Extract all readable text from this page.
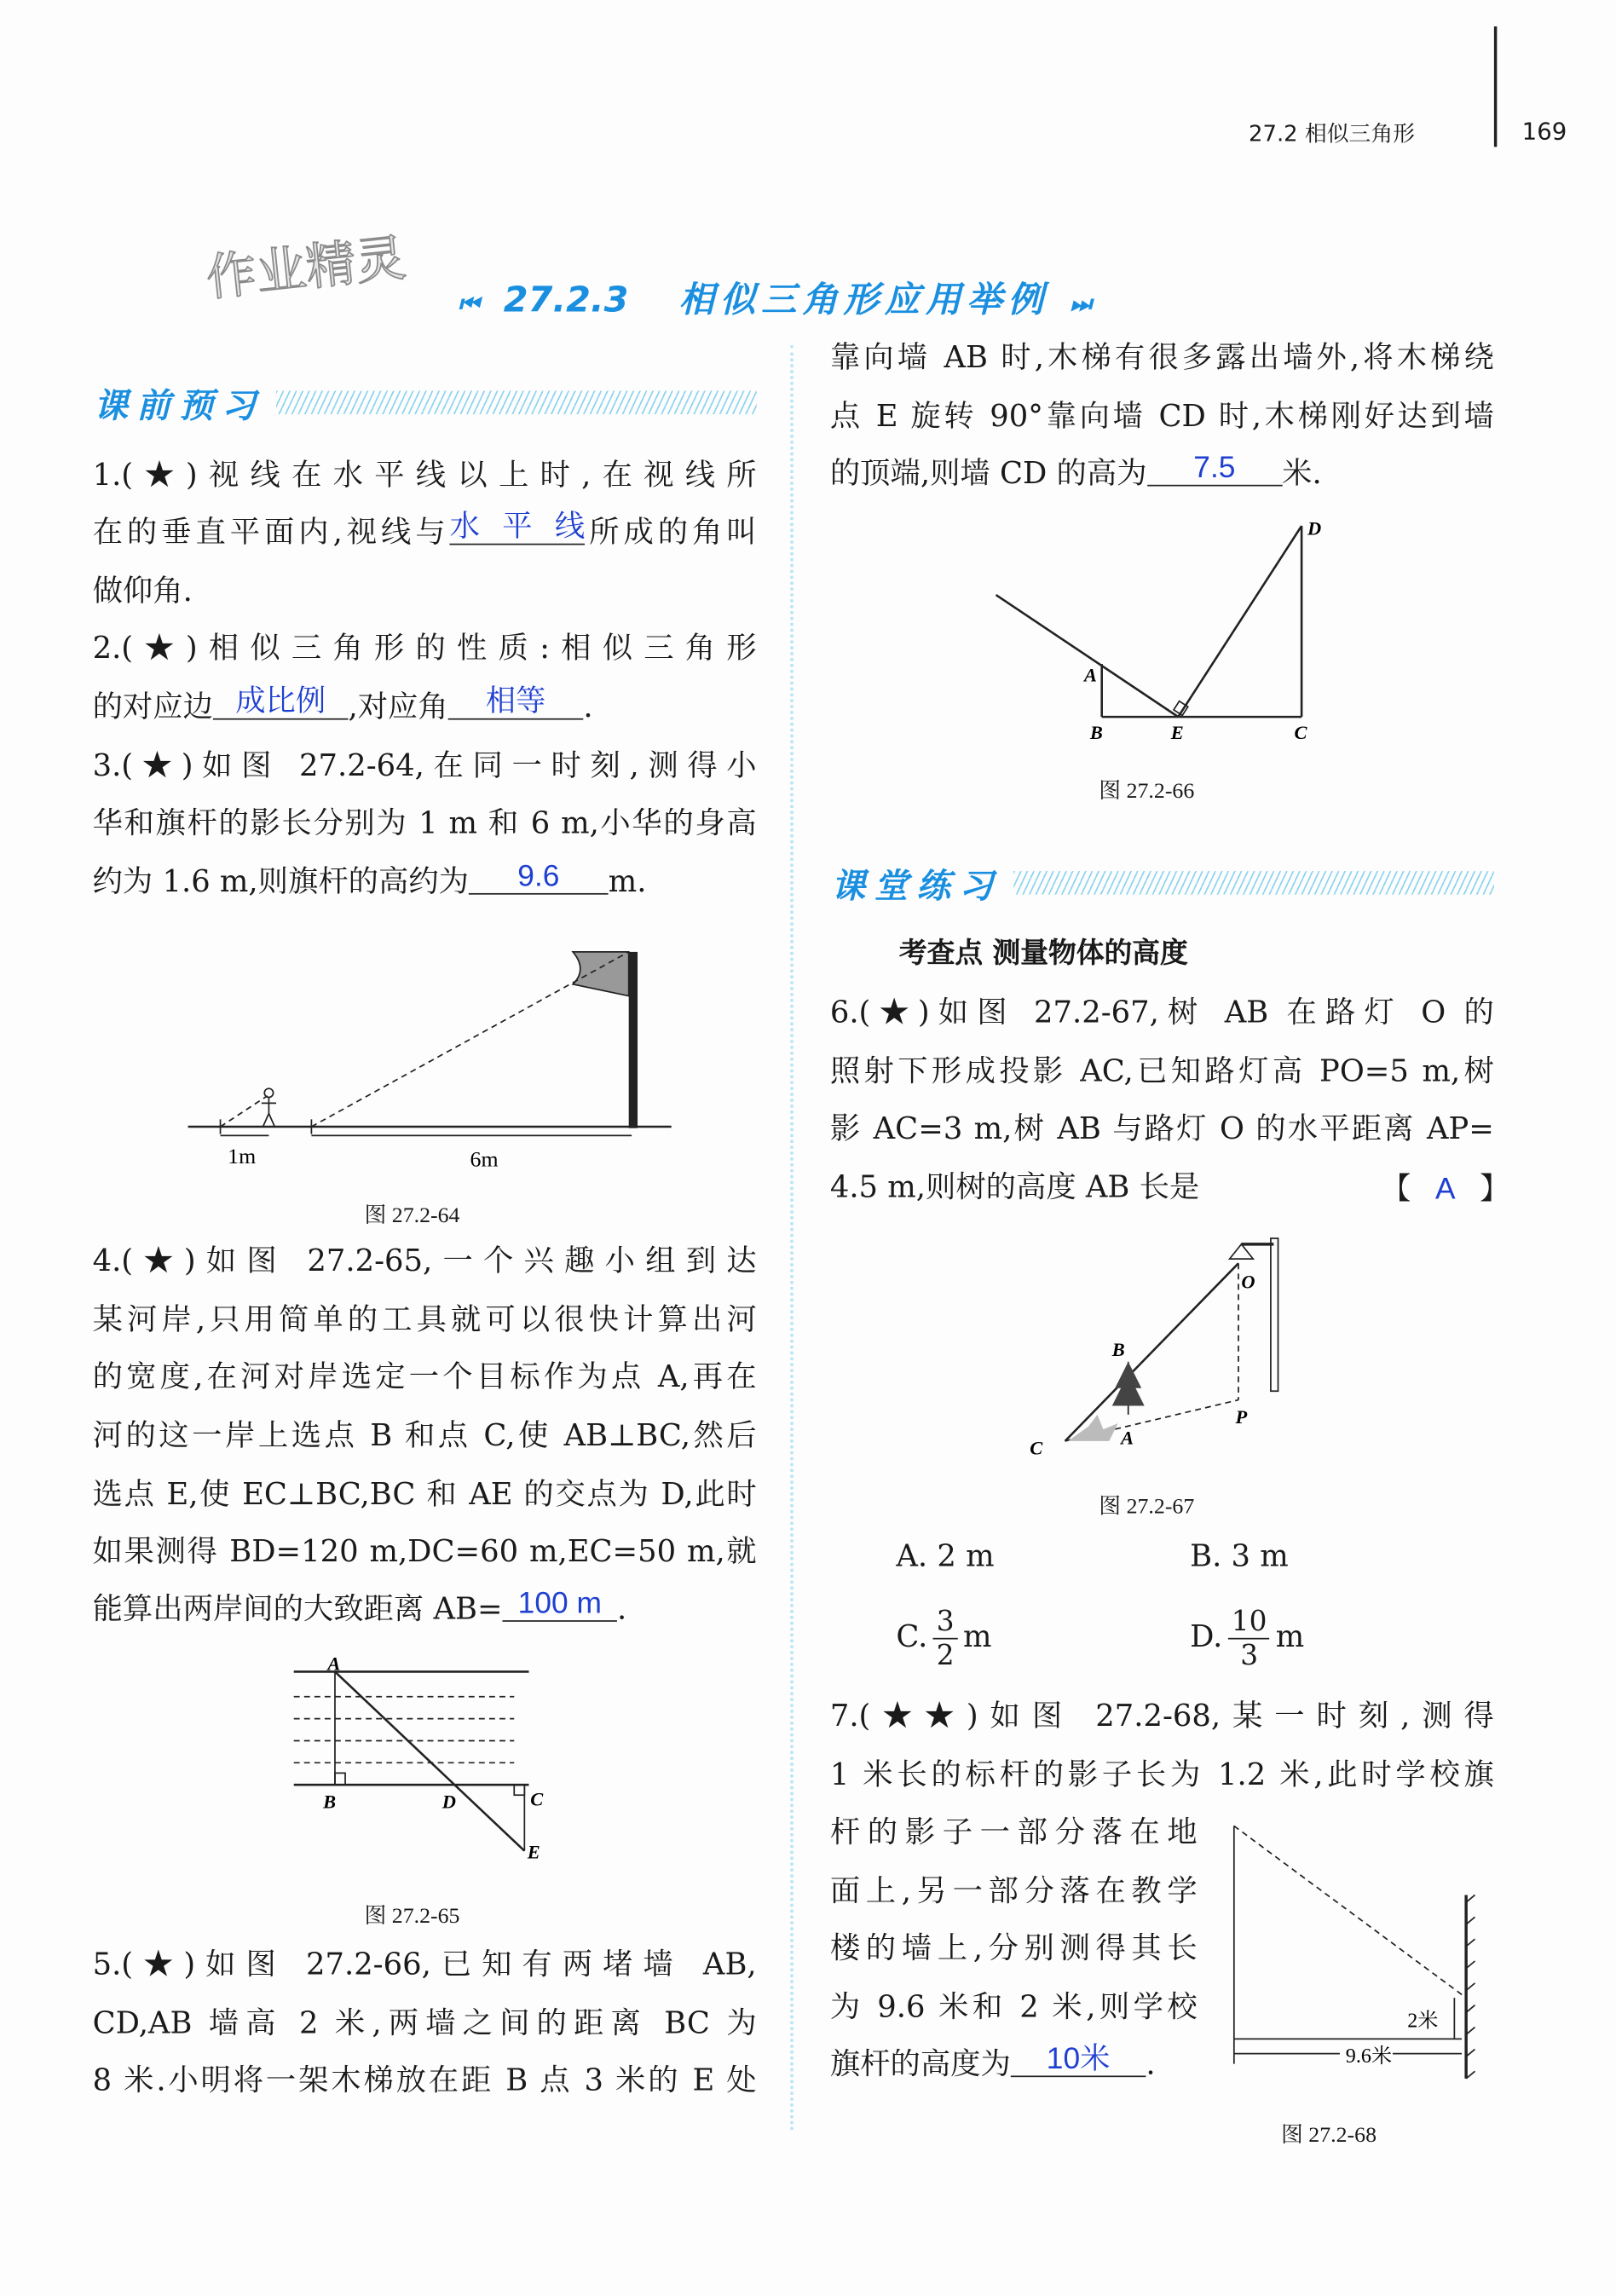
27.2 相似三角形	169
作业精灵	⏮ 27.2.3 相似三角形应用举例 ⏭
课前预习
课堂练习
考查点 测量物体的高度
1.(★)视线在水平线以上时,在视线所
在的垂直平面内,视线与水平线所成的角叫
做仰角.
2.(★)相似三角形的性质:相似三角形
的对应边 成比例 ,对应角 相等 .
3.(★)如图 27.2-64,在同一时刻,测得小
华和旗杆的影长分别为 1 m 和 6 m,小华的身高
约为 1.6 m,则旗杆的高约为	9.6	m.
4.(★)如图 27.2-65,一个兴趣小组到达
某河岸,只用简单的工具就可以很快计算出河
的宽度,在河对岸选定一个目标作为点 A,再在
河的这一岸上选点 B 和点 C,使 AB⊥BC,然后
选点 E,使 EC⊥BC,BC 和 AE 的交点为 D,此时
如果测得 BD=120 m,DC=60 m,EC=50 m,就
能算出两岸间的大致距离 AB= 100 m .
5.(★)如图 27.2-66,已知有两堵墙 AB,
CD,AB 墙高 2 米,两墙之间的距离 BC 为
8 米.小明将一架木梯放在距 B 点 3 米的 E 处
靠向墙 AB 时,木梯有很多露出墙外,将木梯绕
点 E 旋转 90°靠向墙 CD 时,木梯刚好达到墙
的顶端,则墙 CD 的高为	7.5	米.
6.(★)如图 27.2-67,树 AB 在路灯 O 的
照射下形成投影 AC,已知路灯高 PO=5 m,树
影 AC=3 m,树 AB 与路灯 O 的水平距离 AP=
4.5 m,则树的高度 AB 长是
7.(★★)如图 27.2-68,某一时刻,测得
1 米长的标杆的影子长为 1.2 米,此时学校旗
杆的影子一部分落在地
面上,另一部分落在教学
楼的墙上,分别测得其长
为 9.6 米和 2 米,则学校
旗杆的高度为 10米 .
【 A 】
A. 2 m	B. 3 m
C. $\frac{3}{2}$ m	D. $\frac{10}{3}$ m
1m	6m
图 27.2-64
A
B	D	C
E
图 27.2-65
A
B	E	C
D
图 27.2-66
O
B
P
A
C
图 27.2-67
9.6米
2米
图 27.2-68
